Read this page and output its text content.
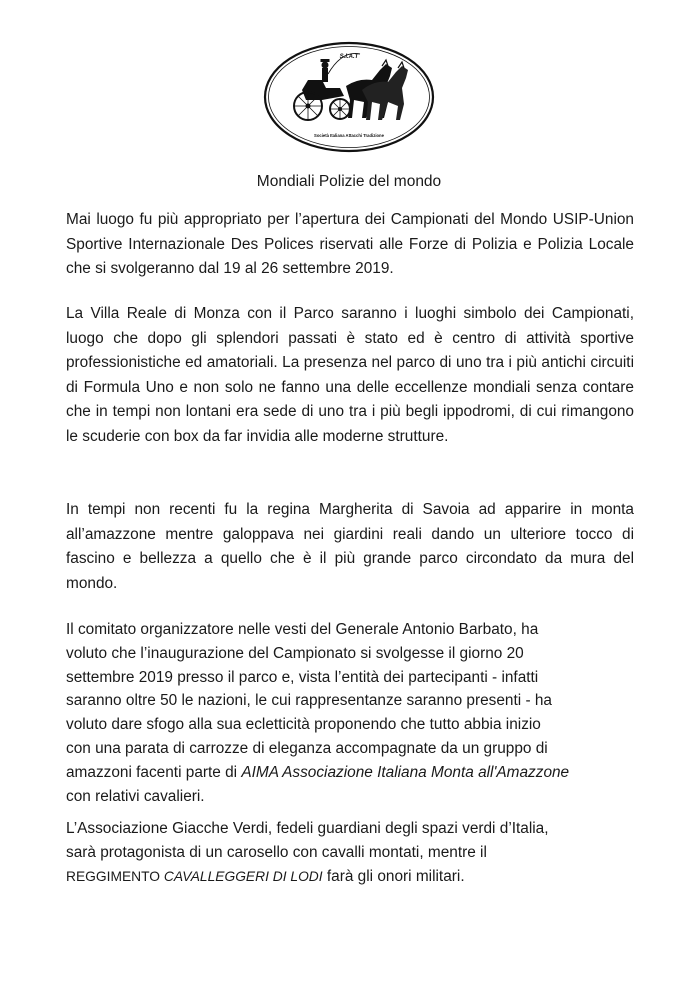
S.I.A.T
Società Italiana Attacchi Tradizione
Mondiali Polizie del mondo

Mai luogo fu più appropriato per l’apertura dei Campionati del Mondo USIP-Union Sportive Internazionale Des Polices riservati alle Forze di Polizia e Polizia Locale che si svolgeranno dal 19 al 26 settembre 2019.

La Villa Reale di Monza con il Parco saranno i luoghi simbolo dei Campionati, luogo che dopo gli splendori passati è stato ed è centro di attività sportive professionistiche ed amatoriali. La presenza nel parco di uno tra i più antichi circuiti di Formula Uno e non solo ne fanno una delle eccellenze mondiali senza contare che in tempi non lontani era sede di uno tra i più begli ippodromi, di cui rimangono le scuderie con box da far invidia alle moderne strutture.

In tempi non recenti fu la regina Margherita di Savoia ad apparire in monta all’amazzone mentre galoppava nei giardini reali dando un ulteriore tocco di fascino e bellezza a quello che è il più grande parco circondato da mura del mondo.

Il comitato organizzatore nelle vesti del Generale Antonio Barbato, ha
voluto che l’inaugurazione del Campionato si svolgesse il giorno 20
settembre 2019 presso il parco e, vista l’entità dei partecipanti - infatti
saranno oltre 50 le nazioni, le cui rappresentanze saranno presenti - ha
voluto dare sfogo alla sua ecletticità proponendo che tutto abbia inizio
con una parata di carrozze di eleganza accompagnate da un gruppo di
amazzoni facenti parte di AIMA Associazione Italiana Monta all'Amazzone
con relativi cavalieri.
L’Associazione Giacche Verdi, fedeli guardiani degli spazi verdi d’Italia,
sarà protagonista di un carosello con cavalli montati, mentre il
REGGIMENTO CAVALLEGGERI DI LODI farà gli onori militari.
